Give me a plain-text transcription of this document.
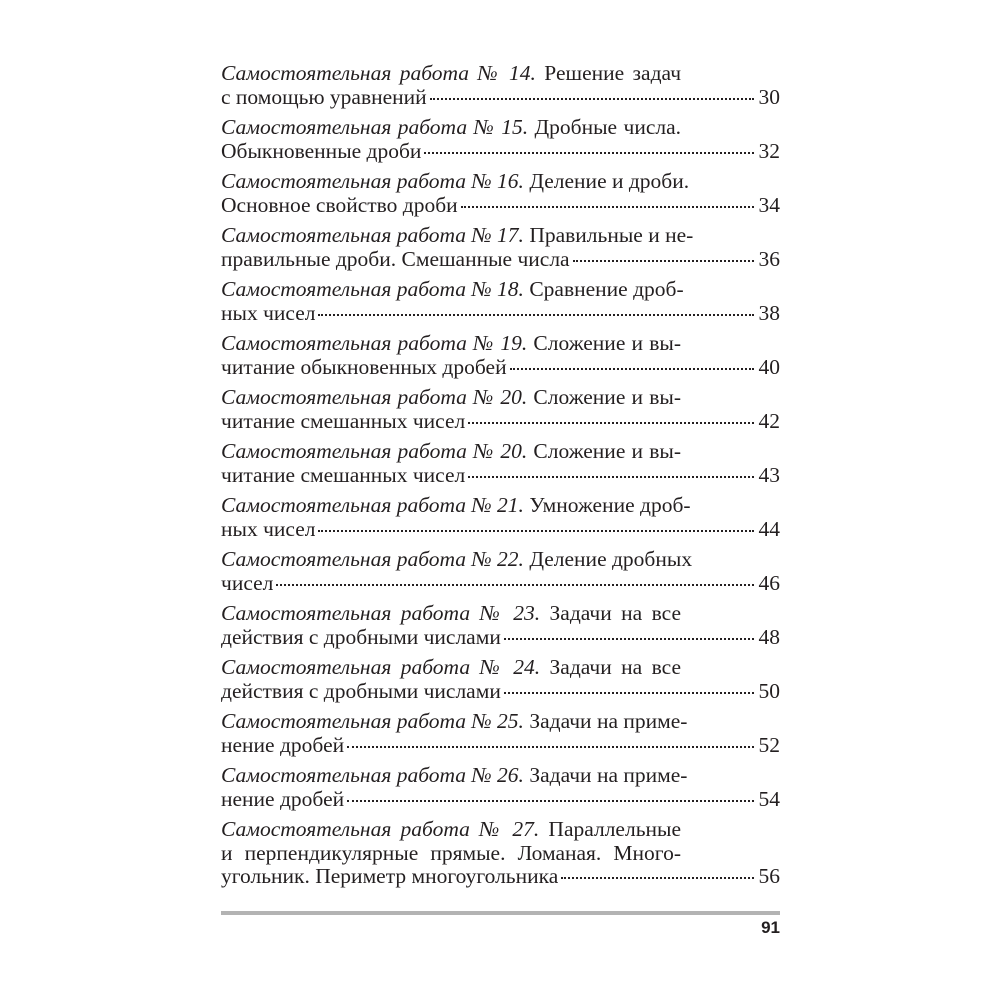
Самостоятельная работа № 14. Решение задач
с помощью уравнений	30
Самостоятельная работа № 15. Дробные числа.
Обыкновенные дроби	32
Самостоятельная работа № 16. Деление и дроби.
Основное свойство дроби	34
Самостоятельная работа № 17. Правильные и не-
правильные дроби. Смешанные числа	36
Самостоятельная работа № 18. Сравнение дроб-
ных чисел	38
Самостоятельная работа № 19. Сложение и вы-
читание обыкновенных дробей	40
Самостоятельная работа № 20. Сложение и вы-
читание смешанных чисел	42
Самостоятельная работа № 20. Сложение и вы-
читание смешанных чисел	43
Самостоятельная работа № 21. Умножение дроб-
ных чисел	44
Самостоятельная работа № 22. Деление дробных
чисел	46
Самостоятельная работа № 23. Задачи на все
действия с дробными числами	48
Самостоятельная работа № 24. Задачи на все
действия с дробными числами	50
Самостоятельная работа № 25. Задачи на приме-
нение дробей	52
Самостоятельная работа № 26. Задачи на приме-
нение дробей	54
Самостоятельная работа № 27. Параллельные
и перпендикулярные прямые. Ломаная. Много-
угольник. Периметр многоугольника	56
91
